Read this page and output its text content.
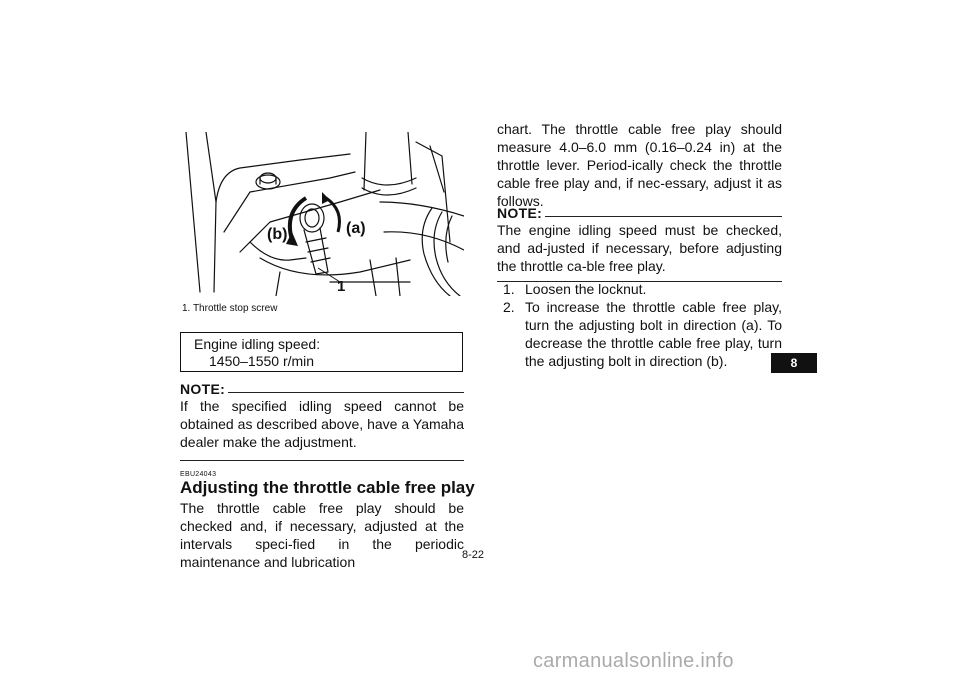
(a)
(b)
1
1. Throttle stop screw
Engine idling speed:
1450–1550 r/min
NOTE:
If the specified idling speed cannot be obtained as described above, have a Yamaha dealer make the adjustment.
EBU24043
Adjusting the throttle cable free play
The throttle cable free play should be checked and, if necessary, adjusted at the intervals speci-fied in the periodic maintenance and lubrication
chart. The throttle cable free play should measure 4.0–6.0 mm (0.16–0.24 in) at the throttle lever. Period-ically check the throttle cable free play and, if nec-essary, adjust it as follows.
NOTE:
The engine idling speed must be checked, and ad-justed if necessary, before adjusting the throttle ca-ble free play.
1. Loosen the locknut.
2. To increase the throttle cable free play, turn the adjusting bolt in direction (a). To decrease the throttle cable free play, turn the adjusting bolt in direction (b).	8
8-22
carmanualsonline.info
